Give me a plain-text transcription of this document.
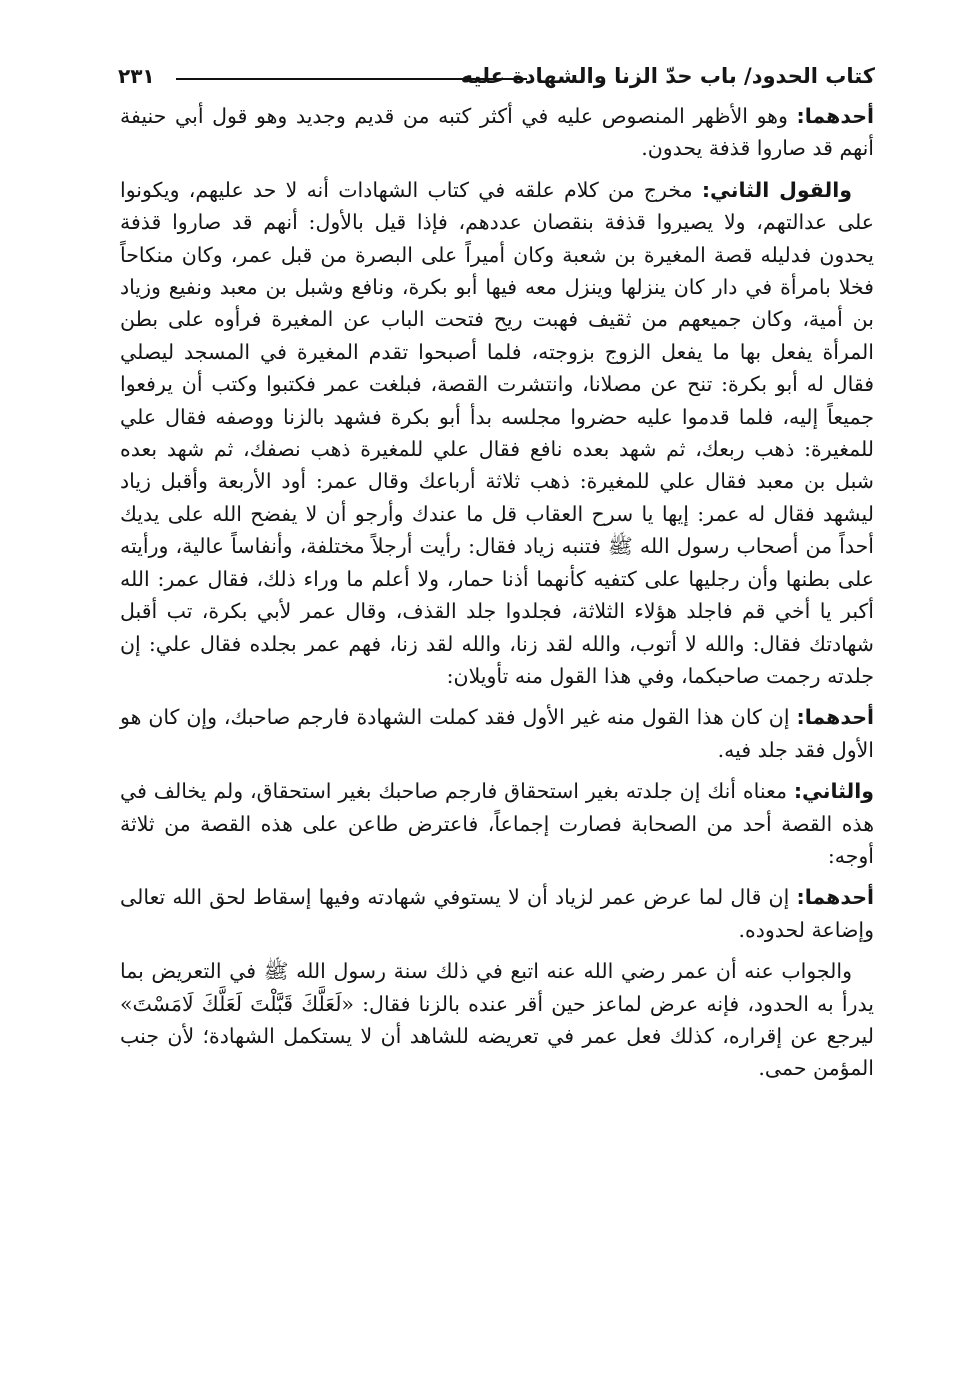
كتاب الحدود/ باب حدّ الزنا والشهادة عليه
٢٣١

أحدهما: وهو الأظهر المنصوص عليه في أكثر كتبه من قديم وجديد وهو قول أبي حنيفة أنهم قد صاروا قذفة يحدون.

والقول الثاني: مخرج من كلام علقه في كتاب الشهادات أنه لا حد عليهم، ويكونوا على عدالتهم، ولا يصيروا قذفة بنقصان عددهم، فإذا قيل بالأول: أنهم قد صاروا قذفة يحدون فدليله قصة المغيرة بن شعبة وكان أميراً على البصرة من قبل عمر، وكان منكاحاً فخلا بامرأة في دار كان ينزلها وينزل معه فيها أبو بكرة، ونافع وشبل بن معبد ونفيع وزياد بن أمية، وكان جميعهم من ثقيف فهبت ريح فتحت الباب عن المغيرة فرأوه على بطن المرأة يفعل بها ما يفعل الزوج بزوجته، فلما أصبحوا تقدم المغيرة في المسجد ليصلي فقال له أبو بكرة: تنح عن مصلانا، وانتشرت القصة، فبلغت عمر فكتبوا وكتب أن يرفعوا جميعاً إليه، فلما قدموا عليه حضروا مجلسه بدأ أبو بكرة فشهد بالزنا ووصفه فقال علي للمغيرة: ذهب ربعك، ثم شهد بعده نافع فقال علي للمغيرة ذهب نصفك، ثم شهد بعده شبل بن معبد فقال علي للمغيرة: ذهب ثلاثة أرباعك وقال عمر: أود الأربعة وأقبل زياد ليشهد فقال له عمر: إيها يا سرح العقاب قل ما عندك وأرجو أن لا يفضح الله على يديك أحداً من أصحاب رسول الله ﷺ فتنبه زياد فقال: رأيت أرجلاً مختلفة، وأنفاساً عالية، ورأيته على بطنها وأن رجليها على كتفيه كأنهما أذنا حمار، ولا أعلم ما وراء ذلك، فقال عمر: الله أكبر يا أخي قم فاجلد هؤلاء الثلاثة، فجلدوا جلد القذف، وقال عمر لأبي بكرة، تب أقبل شهادتك فقال: والله لا أتوب، والله لقد زنا، والله لقد زنا، فهم عمر بجلده فقال علي: إن جلدته رجمت صاحبكما، وفي هذا القول منه تأويلان:

أحدهما: إن كان هذا القول منه غير الأول فقد كملت الشهادة فارجم صاحبك، وإن كان هو الأول فقد جلد فيه.

والثاني: معناه أنك إن جلدته بغير استحقاق فارجم صاحبك بغير استحقاق، ولم يخالف في هذه القصة أحد من الصحابة فصارت إجماعاً، فاعترض طاعن على هذه القصة من ثلاثة أوجه:

أحدهما: إن قال لما عرض عمر لزياد أن لا يستوفي شهادته وفيها إسقاط لحق الله تعالى وإضاعة لحدوده.

والجواب عنه أن عمر رضي الله عنه اتبع في ذلك سنة رسول الله ﷺ في التعريض بما يدرأ به الحدود، فإنه عرض لماعز حين أقر عنده بالزنا فقال: «لَعَلَّكَ قَبَّلْتَ لَعَلَّكَ لَامَسْتَ» ليرجع عن إقراره، كذلك فعل عمر في تعريضه للشاهد أن لا يستكمل الشهادة؛ لأن جنب المؤمن حمى.
